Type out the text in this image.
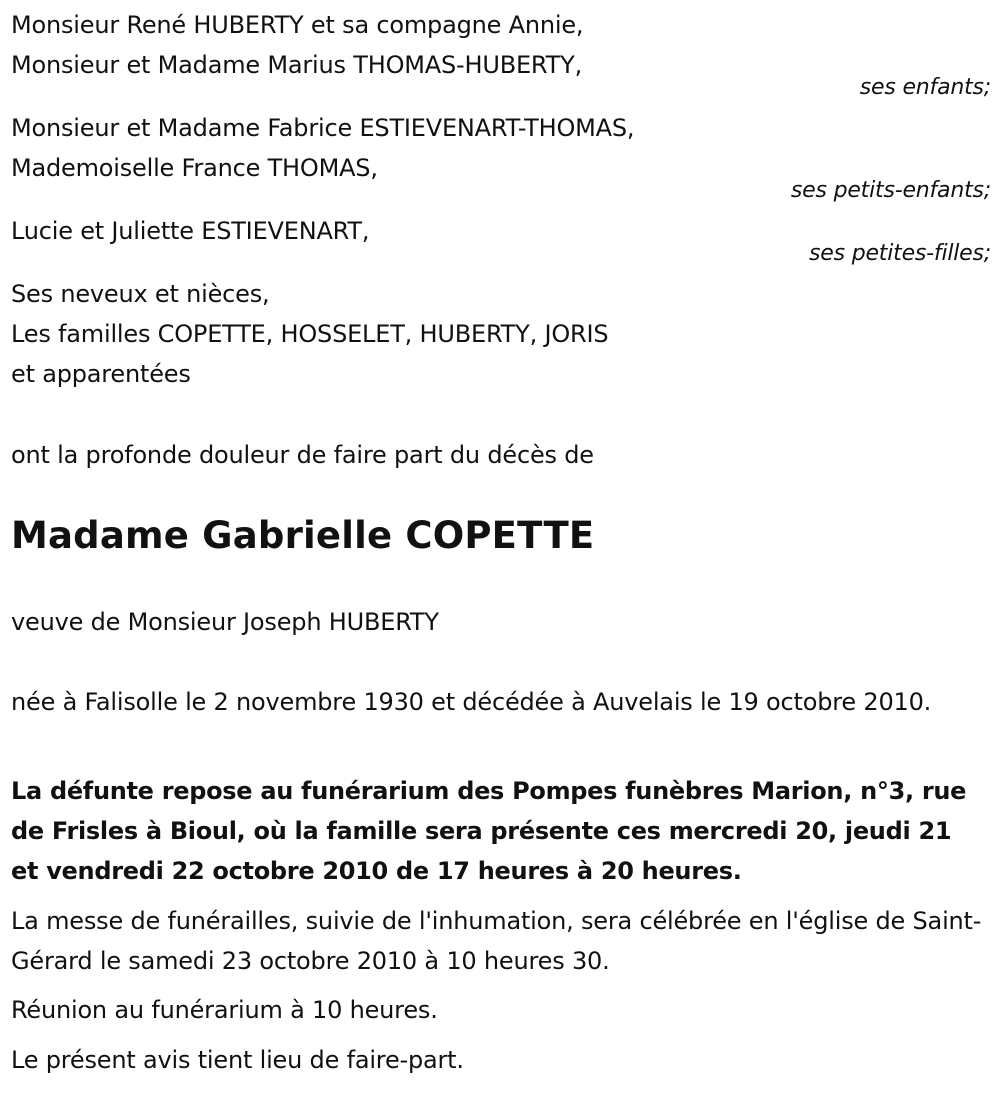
Monsieur René HUBERTY et sa compagne Annie,
Monsieur et Madame Marius THOMAS-HUBERTY,
ses enfants;
Monsieur et Madame Fabrice ESTIEVENART-THOMAS,
Mademoiselle France THOMAS,
ses petits-enfants;
Lucie et Juliette ESTIEVENART,
ses petites-filles;
Ses neveux et nièces,
Les familles COPETTE, HOSSELET, HUBERTY, JORIS
et apparentées
ont la profonde douleur de faire part du décès de
Madame Gabrielle COPETTE
veuve de Monsieur Joseph HUBERTY
née à Falisolle le 2 novembre 1930 et décédée à Auvelais le 19 octobre 2010.
La défunte repose au funérarium des Pompes funèbres Marion, n°3, rue de Frisles à Bioul, où la famille sera présente ces mercredi 20, jeudi 21 et vendredi 22 octobre 2010 de 17 heures à 20 heures.
La messe de funérailles, suivie de l'inhumation, sera célébrée en l'église de Saint-Gérard le samedi 23 octobre 2010 à 10 heures 30.
Réunion au funérarium à 10 heures.
Le présent avis tient lieu de faire-part.
